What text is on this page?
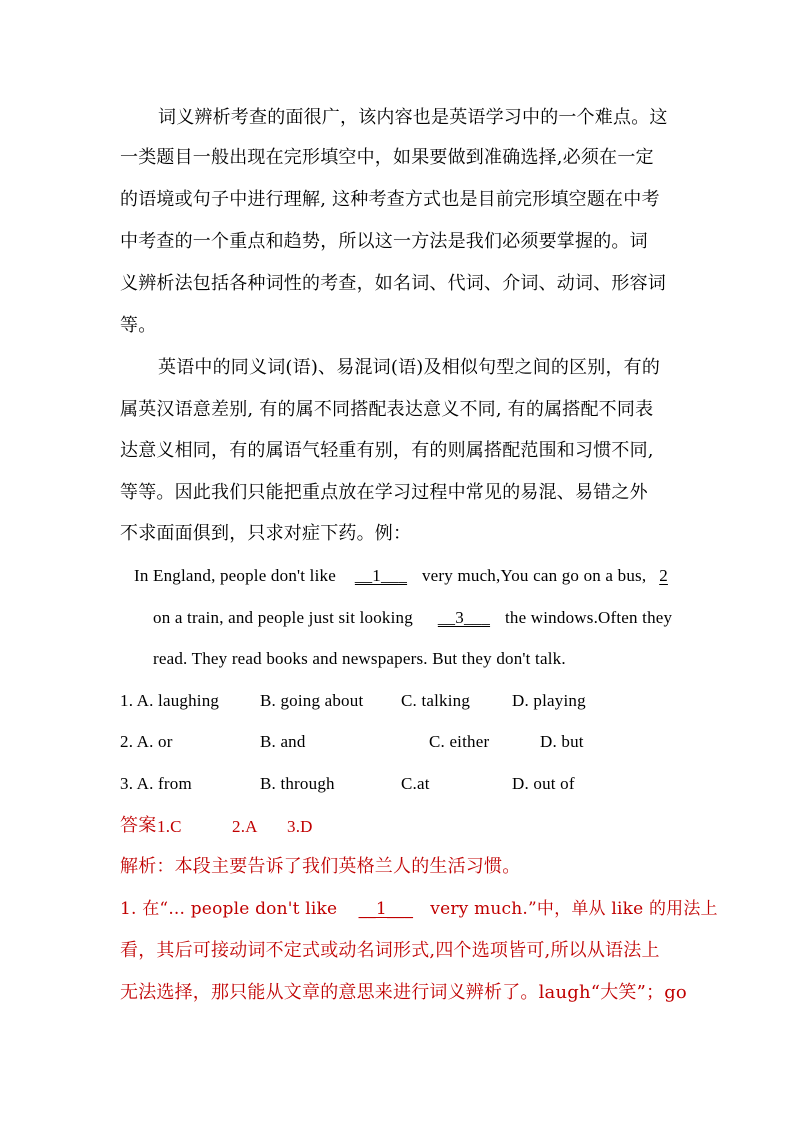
词义辨析考查的面很广，该内容也是英语学习中的一个难点。这
一类题目一般出现在完形填空中，如果要做到准确选择,必须在一定
的语境或句子中进行理解, 这种考查方式也是目前完形填空题在中考
中考查的一个重点和趋势，所以这一方法是我们必须要掌握的。词
义辨析法包括各种词性的考查，如名词、代词、介词、动词、形容词
等。
英语中的同义词(语)、易混词(语)及相似句型之间的区别，有的
属英汉语意差别, 有的属不同搭配表达意义不同, 有的属搭配不同表
达意义相同，有的属语气轻重有别，有的则属搭配范围和习惯不同,
等等。因此我们只能把重点放在学习过程中常见的易混、易错之外
不求面面俱到，只求对症下药。例：
In England, people don't like __1___ very much,You can go on a bus, 2
on a train, and people just sit looking __3___ the windows.Often they
read. They read books and newspapers. But they don't talk.
1. A. laughing B. going about C. talking D. playing
2. A. or	B. and	C. either	D. but
3. A. from	B. through	C.at	D. out of
答案 1.C	2.A 3.D
解析：本段主要告诉了我们英格兰人的生活习惯。
1. 在“... people don't like __1___ very much.”中，单从 like 的用法上
看，其后可接动词不定式或动名词形式,四个选项皆可,所以从语法上
无法选择，那只能从文章的意思来进行词义辨析了。laugh“大笑”；go
